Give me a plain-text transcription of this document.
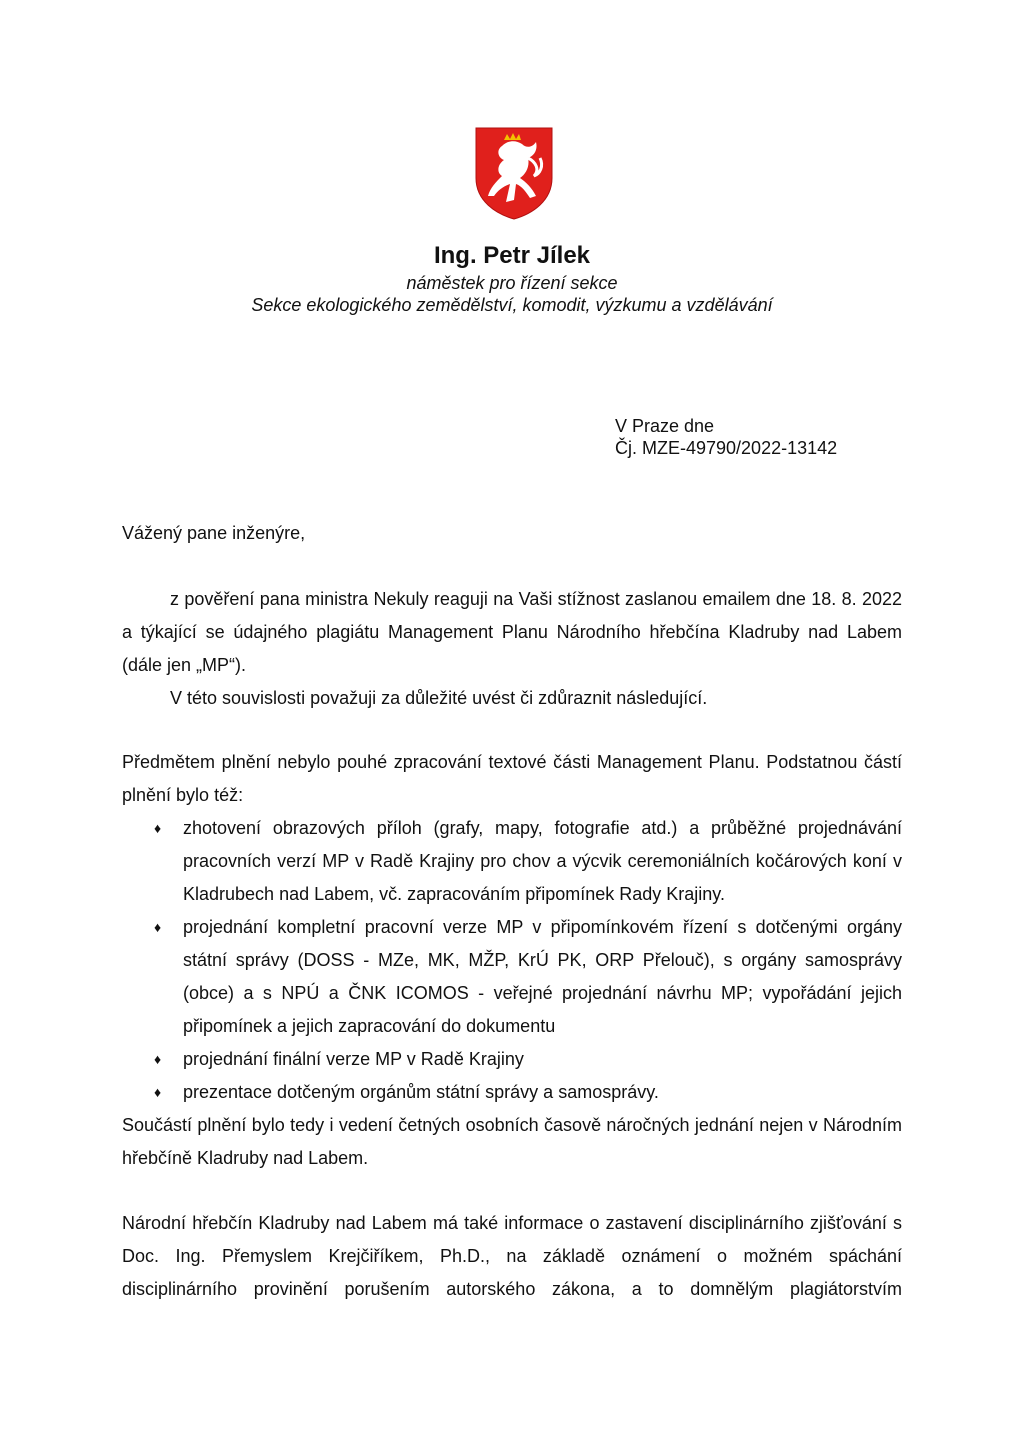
Ing. Petr Jílek
náměstek pro řízení sekce
Sekce ekologického zemědělství, komodit, výzkumu a vzdělávání
V Praze dne
Čj. MZE-49790/2022-13142
Vážený pane inženýre,

z pověření pana ministra Nekuly reaguji na Vaši stížnost zaslanou emailem dne 18. 8. 2022 a týkající se údajného plagiátu Management Planu Národního hřebčína Kladruby nad Labem (dále jen „MP“).

V této souvislosti považuji za důležité uvést či zdůraznit následující.

Předmětem plnění nebylo pouhé zpracování textové části Management Planu. Podstatnou částí plnění bylo též:

♦ zhotovení obrazových příloh (grafy, mapy, fotografie atd.) a průběžné projednávání pracovních verzí MP v Radě Krajiny pro chov a výcvik ceremoniálních kočárových koní v Kladrubech nad Labem, vč. zapracováním připomínek Rady Krajiny.
♦ projednání kompletní pracovní verze MP v připomínkovém řízení s dotčenými orgány státní správy (DOSS - MZe, MK, MŽP, KrÚ PK, ORP Přelouč), s orgány samosprávy (obce) a s NPÚ a ČNK ICOMOS - veřejné projednání návrhu MP; vypořádání jejich připomínek a jejich zapracování do dokumentu
♦ projednání finální verze MP v Radě Krajiny
♦ prezentace dotčeným orgánům státní správy a samosprávy.

Součástí plnění bylo tedy i vedení četných osobních časově náročných jednání nejen v Národním hřebčíně Kladruby nad Labem.

Národní hřebčín Kladruby nad Labem má také informace o zastavení disciplinárního zjišťování s Doc. Ing. Přemyslem Krejčiříkem, Ph.D., na základě oznámení o možném spáchání disciplinárního provinění porušením autorského zákona, a to domnělým plagiátorstvím
